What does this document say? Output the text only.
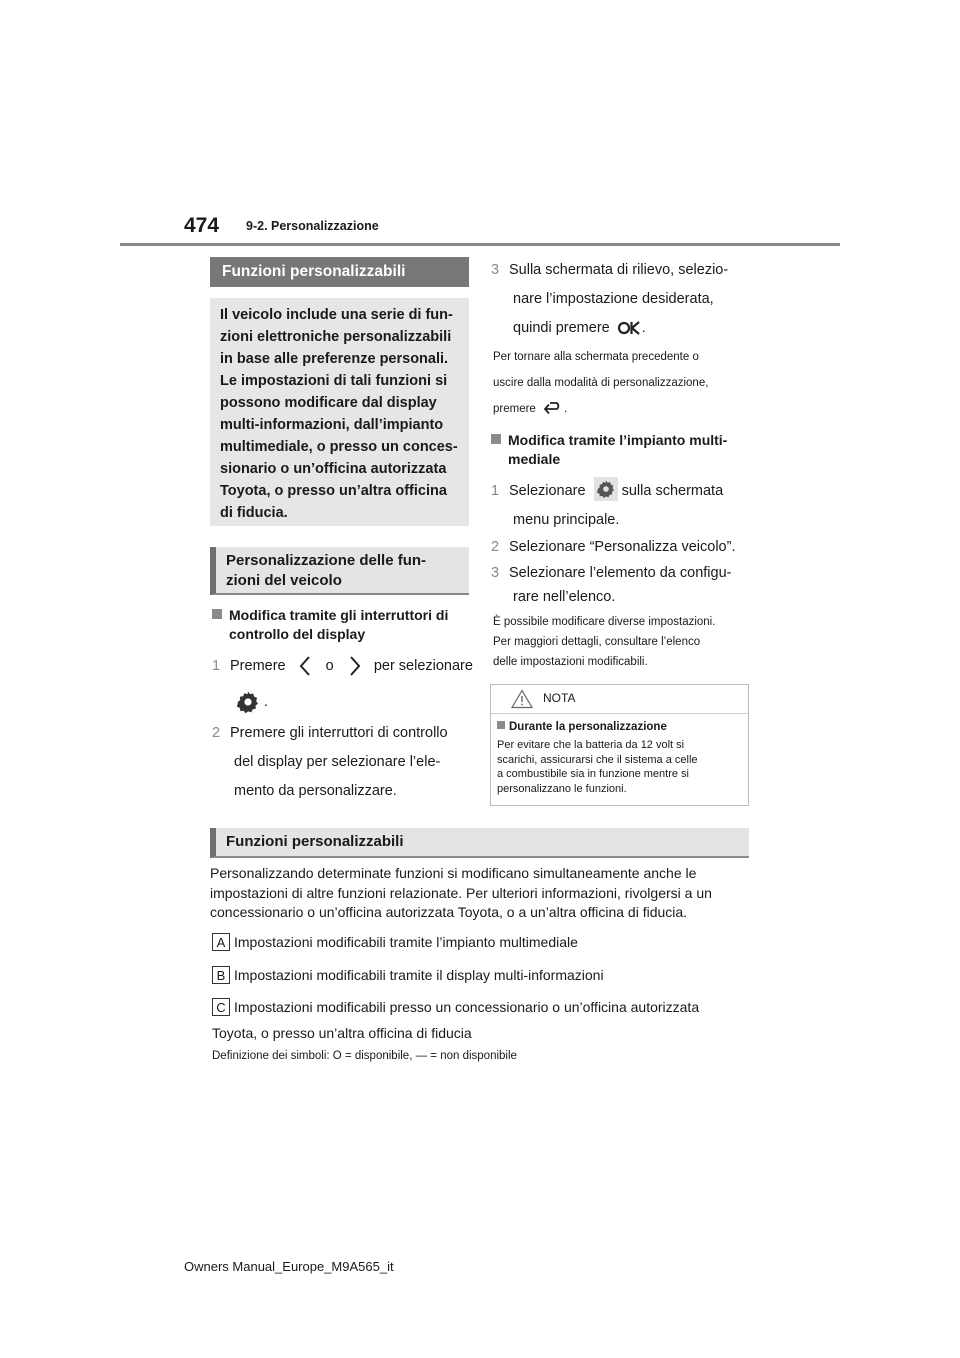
474 9-2. Personalizzazione
Funzioni personalizzabili
Il veicolo include una serie di fun-
zioni elettroniche personalizzabili
in base alle preferenze personali.
Le impostazioni di tali funzioni si
possono modificare dal display
multi-informazioni, dall’impianto
multimediale, o presso un conces-
sionario o un’officina autorizzata
Toyota, o presso un’altra officina
di fiducia.
Personalizzazione delle fun-
zioni del veicolo
Modifica tramite gli interruttori di
controllo del display
1 Premere	o	per selezionare
.
2 Premere gli interruttori di controllo
del display per selezionare l’ele-
mento da personalizzare.
3 Sulla schermata di rilievo, selezio-
nare l’impostazione desiderata,
quindi premere .
Per tornare alla schermata precedente o
uscire dalla modalità di personalizzazione,
premere .
Modifica tramite l’impianto multi-
mediale
1 Selezionare sulla schermata
menu principale.
2 Selezionare “Personalizza veicolo”.
3 Selezionare l’elemento da configu-
rare nell’elenco.
È possibile modificare diverse impostazioni.
Per maggiori dettagli, consultare l’elenco
delle impostazioni modificabili.
NOTA
Durante la personalizzazione
Per evitare che la batteria da 12 volt si
scarichi, assicurarsi che il sistema a celle
a combustibile sia in funzione mentre si
personalizzano le funzioni.
Funzioni personalizzabili
Personalizzando determinate funzioni si modificano simultaneamente anche le
impostazioni di altre funzioni relazionate. Per ulteriori informazioni, rivolgersi a un
concessionario o un’officina autorizzata Toyota, o a un’altra officina di fiducia.
A Impostazioni modificabili tramite l’impianto multimediale
B Impostazioni modificabili tramite il display multi-informazioni
C Impostazioni modificabili presso un concessionario o un’officina autorizzata
Toyota, o presso un’altra officina di fiducia
Definizione dei simboli: O = disponibile, — = non disponibile
Owners Manual_Europe_M9A565_it
